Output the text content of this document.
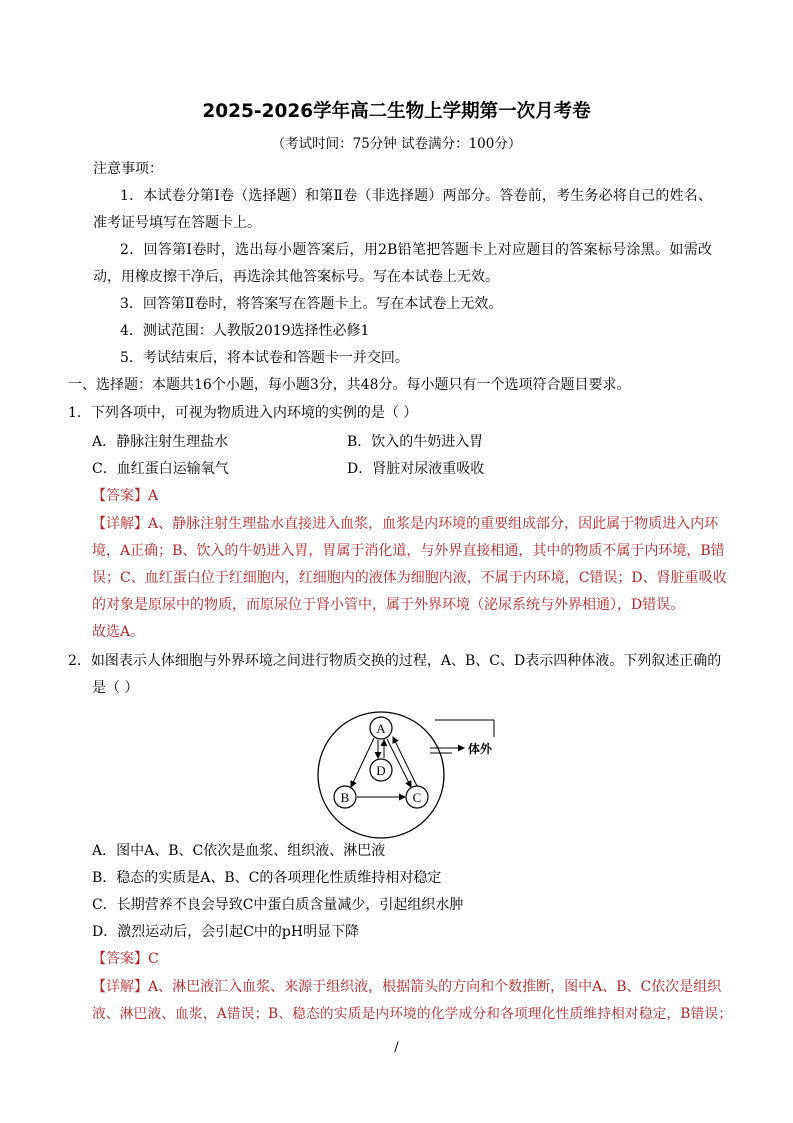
2025-2026学年高二生物上学期第一次月考卷
（考试时间：75分钟 试卷满分：100分）
注意事项：
1．本试卷分第Ⅰ卷（选择题）和第Ⅱ卷（非选择题）两部分。答卷前，考生务必将自己的姓名、
准考证号填写在答题卡上。
2．回答第Ⅰ卷时，选出每小题答案后，用2B铅笔把答题卡上对应题目的答案标号涂黑。如需改
动，用橡皮擦干净后，再选涂其他答案标号。写在本试卷上无效。
3．回答第Ⅱ卷时，将答案写在答题卡上。写在本试卷上无效。
4．测试范围：人教版2019选择性必修1
5．考试结束后，将本试卷和答题卡一并交回。
一、选择题：本题共16个小题，每小题3分，共48分。每小题只有一个选项符合题目要求。
1．下列各项中，可视为物质进入内环境的实例的是（ ）
A．静脉注射生理盐水	B．饮入的牛奶进入胃
C．血红蛋白运输氧气	D．肾脏对尿液重吸收
【答案】A
【详解】A、静脉注射生理盐水直接进入血浆，血浆是内环境的重要组成部分，因此属于物质进入内环
境，A正确；B、饮入的牛奶进入胃，胃属于消化道，与外界直接相通，其中的物质不属于内环境，B错
误；C、血红蛋白位于红细胞内，红细胞内的液体为细胞内液，不属于内环境，C错误；D、肾脏重吸收
的对象是原尿中的物质，而原尿位于肾小管中，属于外界环境（泌尿系统与外界相通），D错误。
故选A。
2．如图表示人体细胞与外界环境之间进行物质交换的过程，A、B、C、D表示四种体液。下列叙述正确的
是（ ）
A
D
B	C
体外
A．图中A、B、C依次是血浆、组织液、淋巴液
B．稳态的实质是A、B、C的各项理化性质维持相对稳定
C．长期营养不良会导致C中蛋白质含量减少，引起组织水肿
D．激烈运动后，会引起C中的pH明显下降
【答案】C
【详解】A、淋巴液汇入血浆、来源于组织液，根据箭头的方向和个数推断，图中A、B、C依次是组织
液、淋巴液、血浆，A错误；B、稳态的实质是内环境的化学成分和各项理化性质维持相对稳定，B错误；
/
